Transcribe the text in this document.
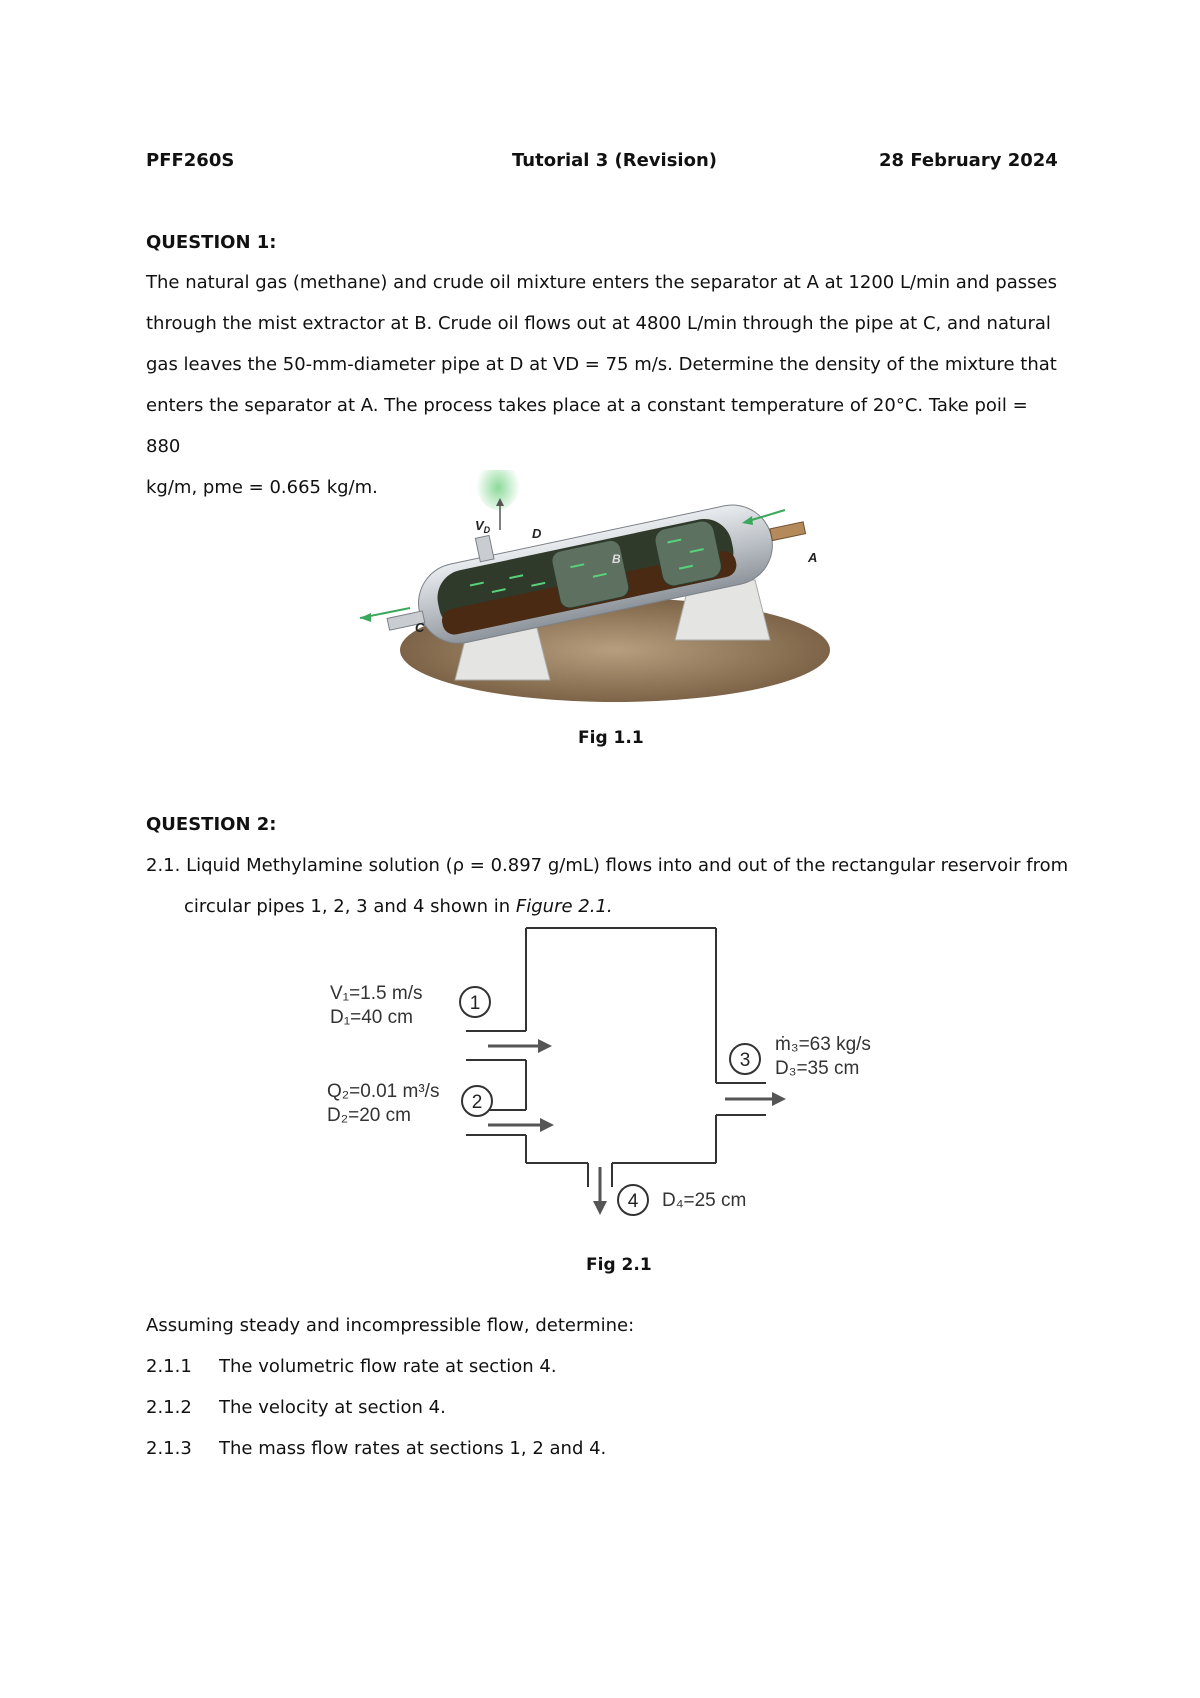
PFF260S	Tutorial 3 (Revision)	28 February 2024
QUESTION 1:
The natural gas (methane) and crude oil mixture enters the separator at A at 1200 L/min and passes
through the mist extractor at B. Crude oil flows out at 4800 L/min through the pipe at C, and natural
gas leaves the 50-mm-diameter pipe at D at VD = 75 m/s. Determine the density of the mixture that
enters the separator at A. The process takes place at a constant temperature of 20°C. Take poil = 880
kg/m, pme = 0.665 kg/m.
$V_D$	D
B	A
C
Fig 1.1
QUESTION 2:
2.1. Liquid Methylamine solution (ρ = 0.897 g/mL) flows into and out of the rectangular reservoir from
circular pipes 1, 2, 3 and 4 shown in Figure 2.1.
1
2
3
4
V₁=1.5 m/s
D₁=40 cm
Q₂=0.01 m³/s
D₂=20 cm
ṁ₃=63 kg/s
D₃=35 cm
D₄=25 cm
Fig 2.1
Assuming steady and incompressible flow, determine:
2.1.1 The volumetric flow rate at section 4.
2.1.2 The velocity at section 4.
2.1.3 The mass flow rates at sections 1, 2 and 4.
